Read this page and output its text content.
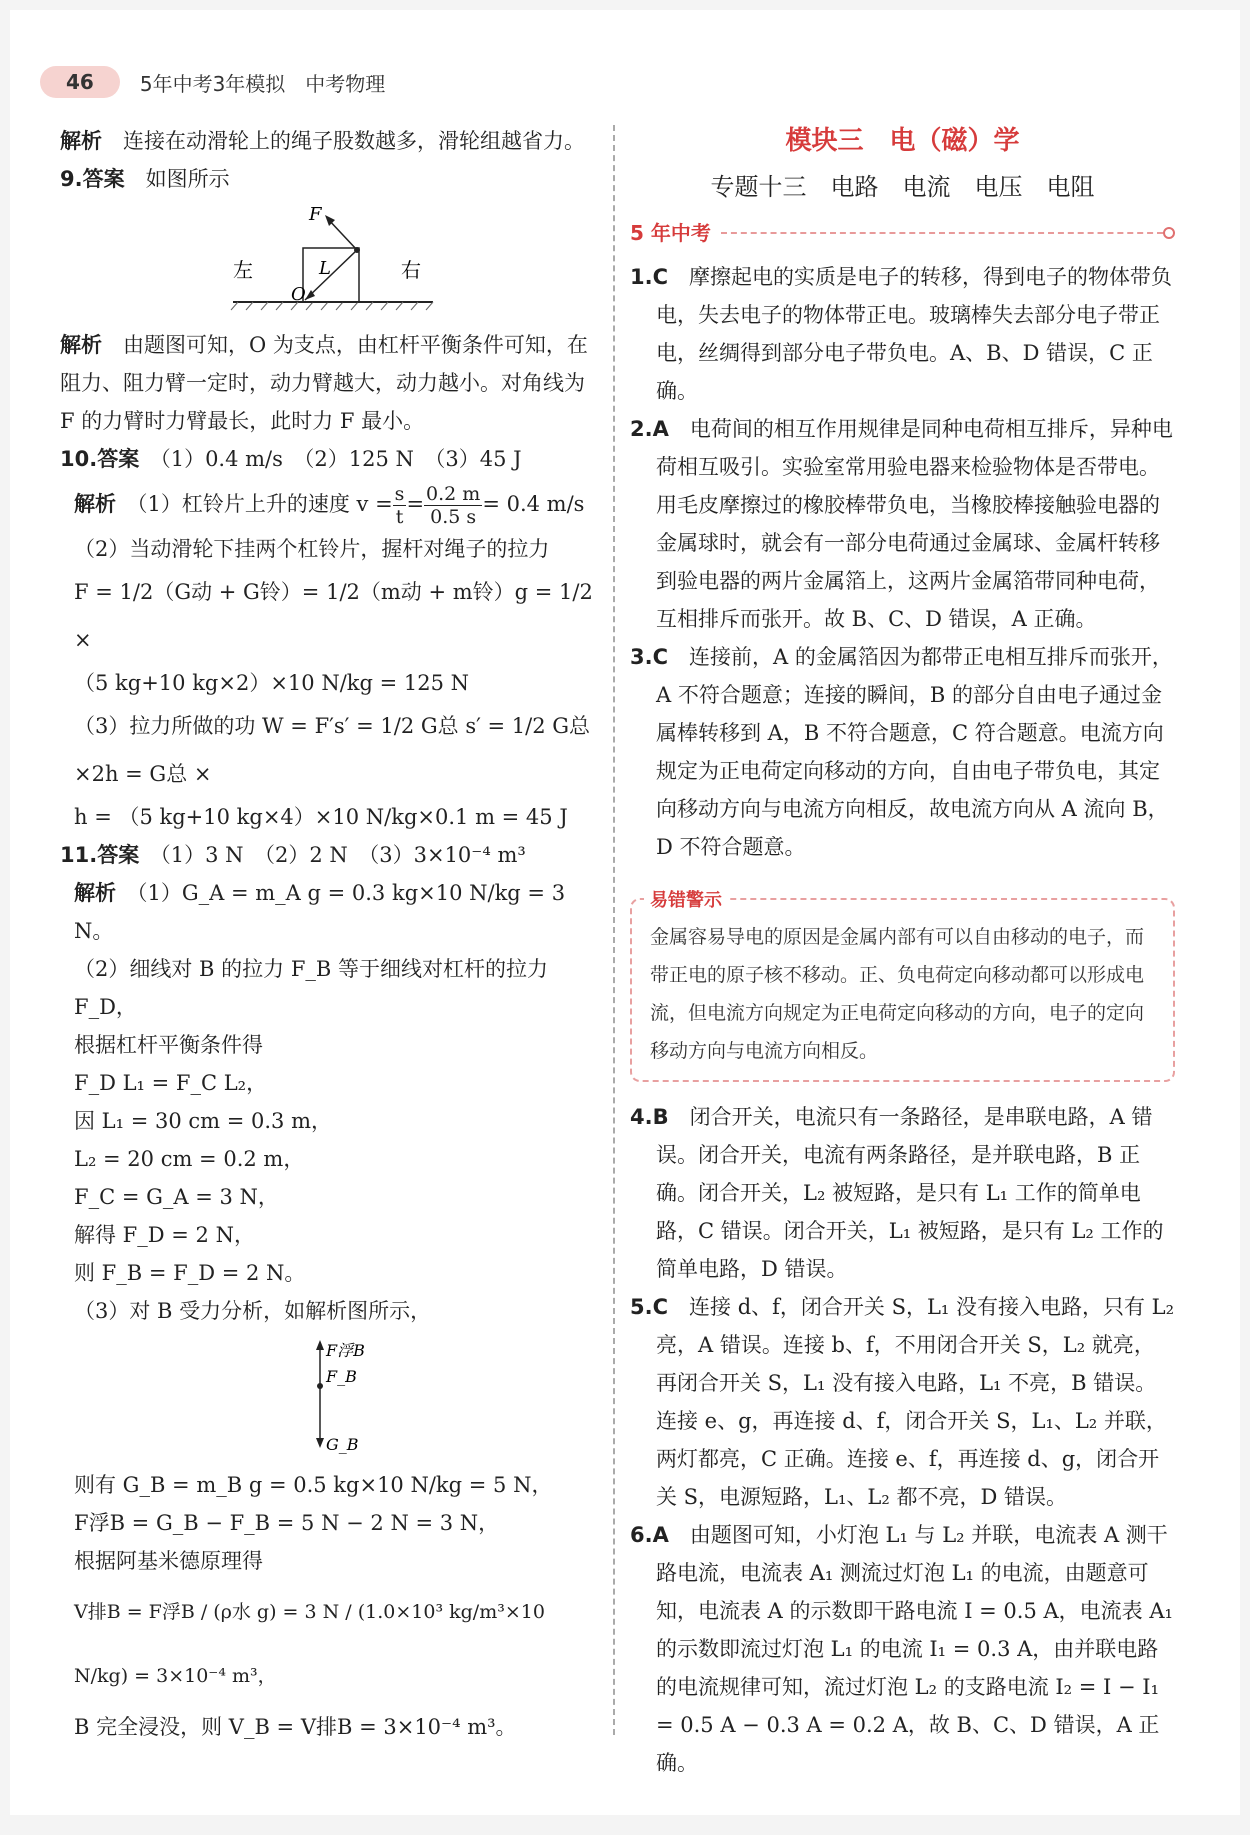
46	5年中考3年模拟　中考物理

解析　 连接在动滑轮上的绳子股数越多，滑轮组越省力。

9.答案　 如图所示

F
L
O
左	右

解析　 由题图可知，O 为支点，由杠杆平衡条件可知，在阻力、阻力臂一定时，动力臂越大，动力越小。对角线为 F 的力臂时力臂最长，此时力 F 最小。

10.答案　 （1）0.4 m/s　（2）125 N　（3）45 J

解析　 （1）杠铃片上升的速度 $v = \frac{s}{t} = \frac{0.2 m}{0.5 s} = 0.4$ m/s

（2）当动滑轮下挂两个杠铃片，握杆对绳子的拉力

F = 1/2（G动 + G铃）= 1/2（m动 + m铃）g = 1/2 ×

（5 kg+10 kg×2）×10 N/kg = 125 N

（3）拉力所做的功 W = F′s′ = 1/2 G总 s′ = 1/2 G总 ×2h = G总 ×

h = （5 kg+10 kg×4）×10 N/kg×0.1 m = 45 J

11.答案　 （1）3 N　（2）2 N　（3）3×10⁻⁴ m³

解析　 （1）G_A = m_A g = 0.3 kg×10 N/kg = 3 N。

（2）细线对 B 的拉力 F_B 等于细线对杠杆的拉力 F_D，

根据杠杆平衡条件得

F_D L₁ = F_C L₂，

因 L₁ = 30 cm = 0.3 m，

L₂ = 20 cm = 0.2 m，

F_C = G_A = 3 N，

解得 F_D = 2 N，

则 F_B = F_D = 2 N。

（3）对 B 受力分析，如解析图所示，

F浮B
F_B
G_B

则有 G_B = m_B g = 0.5 kg×10 N/kg = 5 N，

F浮B = G_B − F_B = 5 N − 2 N = 3 N，

根据阿基米德原理得

V排B = F浮B / (ρ水 g) = 3 N / (1.0×10³ kg/m³×10 N/kg) = 3×10⁻⁴ m³，

B 完全浸没，则 V_B = V排B = 3×10⁻⁴ m³。

模块三　电（磁）学

专题十三　电路　电流　电压　电阻

5 年中考

1.C　 摩擦起电的实质是电子的转移，得到电子的物体带负电，失去电子的物体带正电。玻璃棒失去部分电子带正电，丝绸得到部分电子带负电。A、B、D 错误，C 正确。

2.A　 电荷间的相互作用规律是同种电荷相互排斥，异种电荷相互吸引。实验室常用验电器来检验物体是否带电。用毛皮摩擦过的橡胶棒带负电，当橡胶棒接触验电器的金属球时，就会有一部分电荷通过金属球、金属杆转移到验电器的两片金属箔上，这两片金属箔带同种电荷，互相排斥而张开。故 B、C、D 错误，A 正确。

3.C　 连接前，A 的金属箔因为都带正电相互排斥而张开，A 不符合题意；连接的瞬间，B 的部分自由电子通过金属棒转移到 A，B 不符合题意，C 符合题意。电流方向规定为正电荷定向移动的方向，自由电子带负电，其定向移动方向与电流方向相反，故电流方向从 A 流向 B，D 不符合题意。

易错警示
金属容易导电的原因是金属内部有可以自由移动的电子，而带正电的原子核不移动。正、负电荷定向移动都可以形成电流，但电流方向规定为正电荷定向移动的方向，电子的定向移动方向与电流方向相反。

4.B　 闭合开关，电流只有一条路径，是串联电路，A 错误。闭合开关，电流有两条路径，是并联电路，B 正确。闭合开关，L₂ 被短路，是只有 L₁ 工作的简单电路，C 错误。闭合开关，L₁ 被短路，是只有 L₂ 工作的简单电路，D 错误。

5.C　 连接 d、f，闭合开关 S，L₁ 没有接入电路，只有 L₂ 亮，A 错误。连接 b、f，不用闭合开关 S，L₂ 就亮，再闭合开关 S，L₁ 没有接入电路，L₁ 不亮，B 错误。连接 e、g，再连接 d、f，闭合开关 S，L₁、L₂ 并联，两灯都亮，C 正确。连接 e、f，再连接 d、g，闭合开关 S，电源短路，L₁、L₂ 都不亮，D 错误。

6.A　 由题图可知，小灯泡 L₁ 与 L₂ 并联，电流表 A 测干路电流，电流表 A₁ 测流过灯泡 L₁ 的电流，由题意可知，电流表 A 的示数即干路电流 I = 0.5 A，电流表 A₁ 的示数即流过灯泡 L₁ 的电流 I₁ = 0.3 A，由并联电路的电流规律可知，流过灯泡 L₂ 的支路电流 I₂ = I − I₁ = 0.5 A − 0.3 A = 0.2 A，故 B、C、D 错误，A 正确。
